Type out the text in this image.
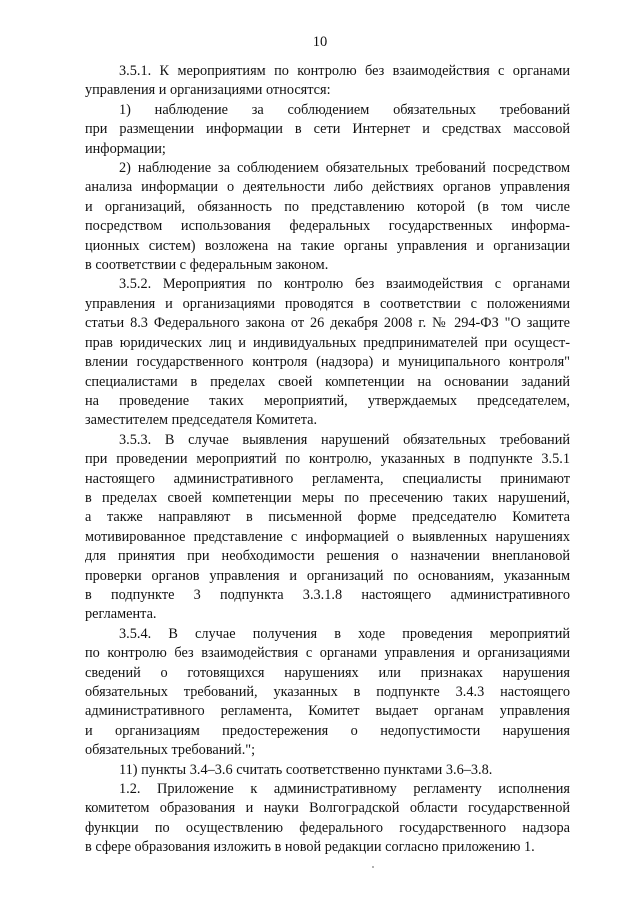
10
3.5.1. К мероприятиям по контролю без взаимодействия с органами
управления и организациями относятся:
1) наблюдение за соблюдением обязательных требований
при размещении информации в сети Интернет и средствах массовой
информации;
2) наблюдение за соблюдением обязательных требований посредством
анализа информации о деятельности либо действиях органов управления
и организаций, обязанность по представлению которой (в том числе
посредством использования федеральных государственных информа-
ционных систем) возложена на такие органы управления и организации
в соответствии с федеральным законом.
3.5.2. Мероприятия по контролю без взаимодействия с органами
управления и организациями проводятся в соответствии с положениями
статьи 8.3 Федерального закона от 26 декабря 2008 г. № 294-ФЗ "О защите
прав юридических лиц и индивидуальных предпринимателей при осущест-
влении государственного контроля (надзора) и муниципального контроля"
специалистами в пределах своей компетенции на основании заданий
на проведение таких мероприятий, утверждаемых председателем,
заместителем председателя Комитета.
3.5.3. В случае выявления нарушений обязательных требований
при проведении мероприятий по контролю, указанных в подпункте 3.5.1
настоящего административного регламента, специалисты принимают
в пределах своей компетенции меры по пресечению таких нарушений,
а также направляют в письменной форме председателю Комитета
мотивированное представление с информацией о выявленных нарушениях
для принятия при необходимости решения о назначении внеплановой
проверки органов управления и организаций по основаниям, указанным
в подпункте 3 подпункта 3.3.1.8 настоящего административного
регламента.
3.5.4. В случае получения в ходе проведения мероприятий
по контролю без взаимодействия с органами управления и организациями
сведений о готовящихся нарушениях или признаках нарушения
обязательных требований, указанных в подпункте 3.4.3 настоящего
административного регламента, Комитет выдает органам управления
и организациям предостережения о недопустимости нарушения
обязательных требований.";
11) пункты 3.4–3.6 считать соответственно пунктами 3.6–3.8.
1.2. Приложение к административному регламенту исполнения
комитетом образования и науки Волгоградской области государственной
функции по осуществлению федерального государственного надзора
в сфере образования изложить в новой редакции согласно приложению 1.
